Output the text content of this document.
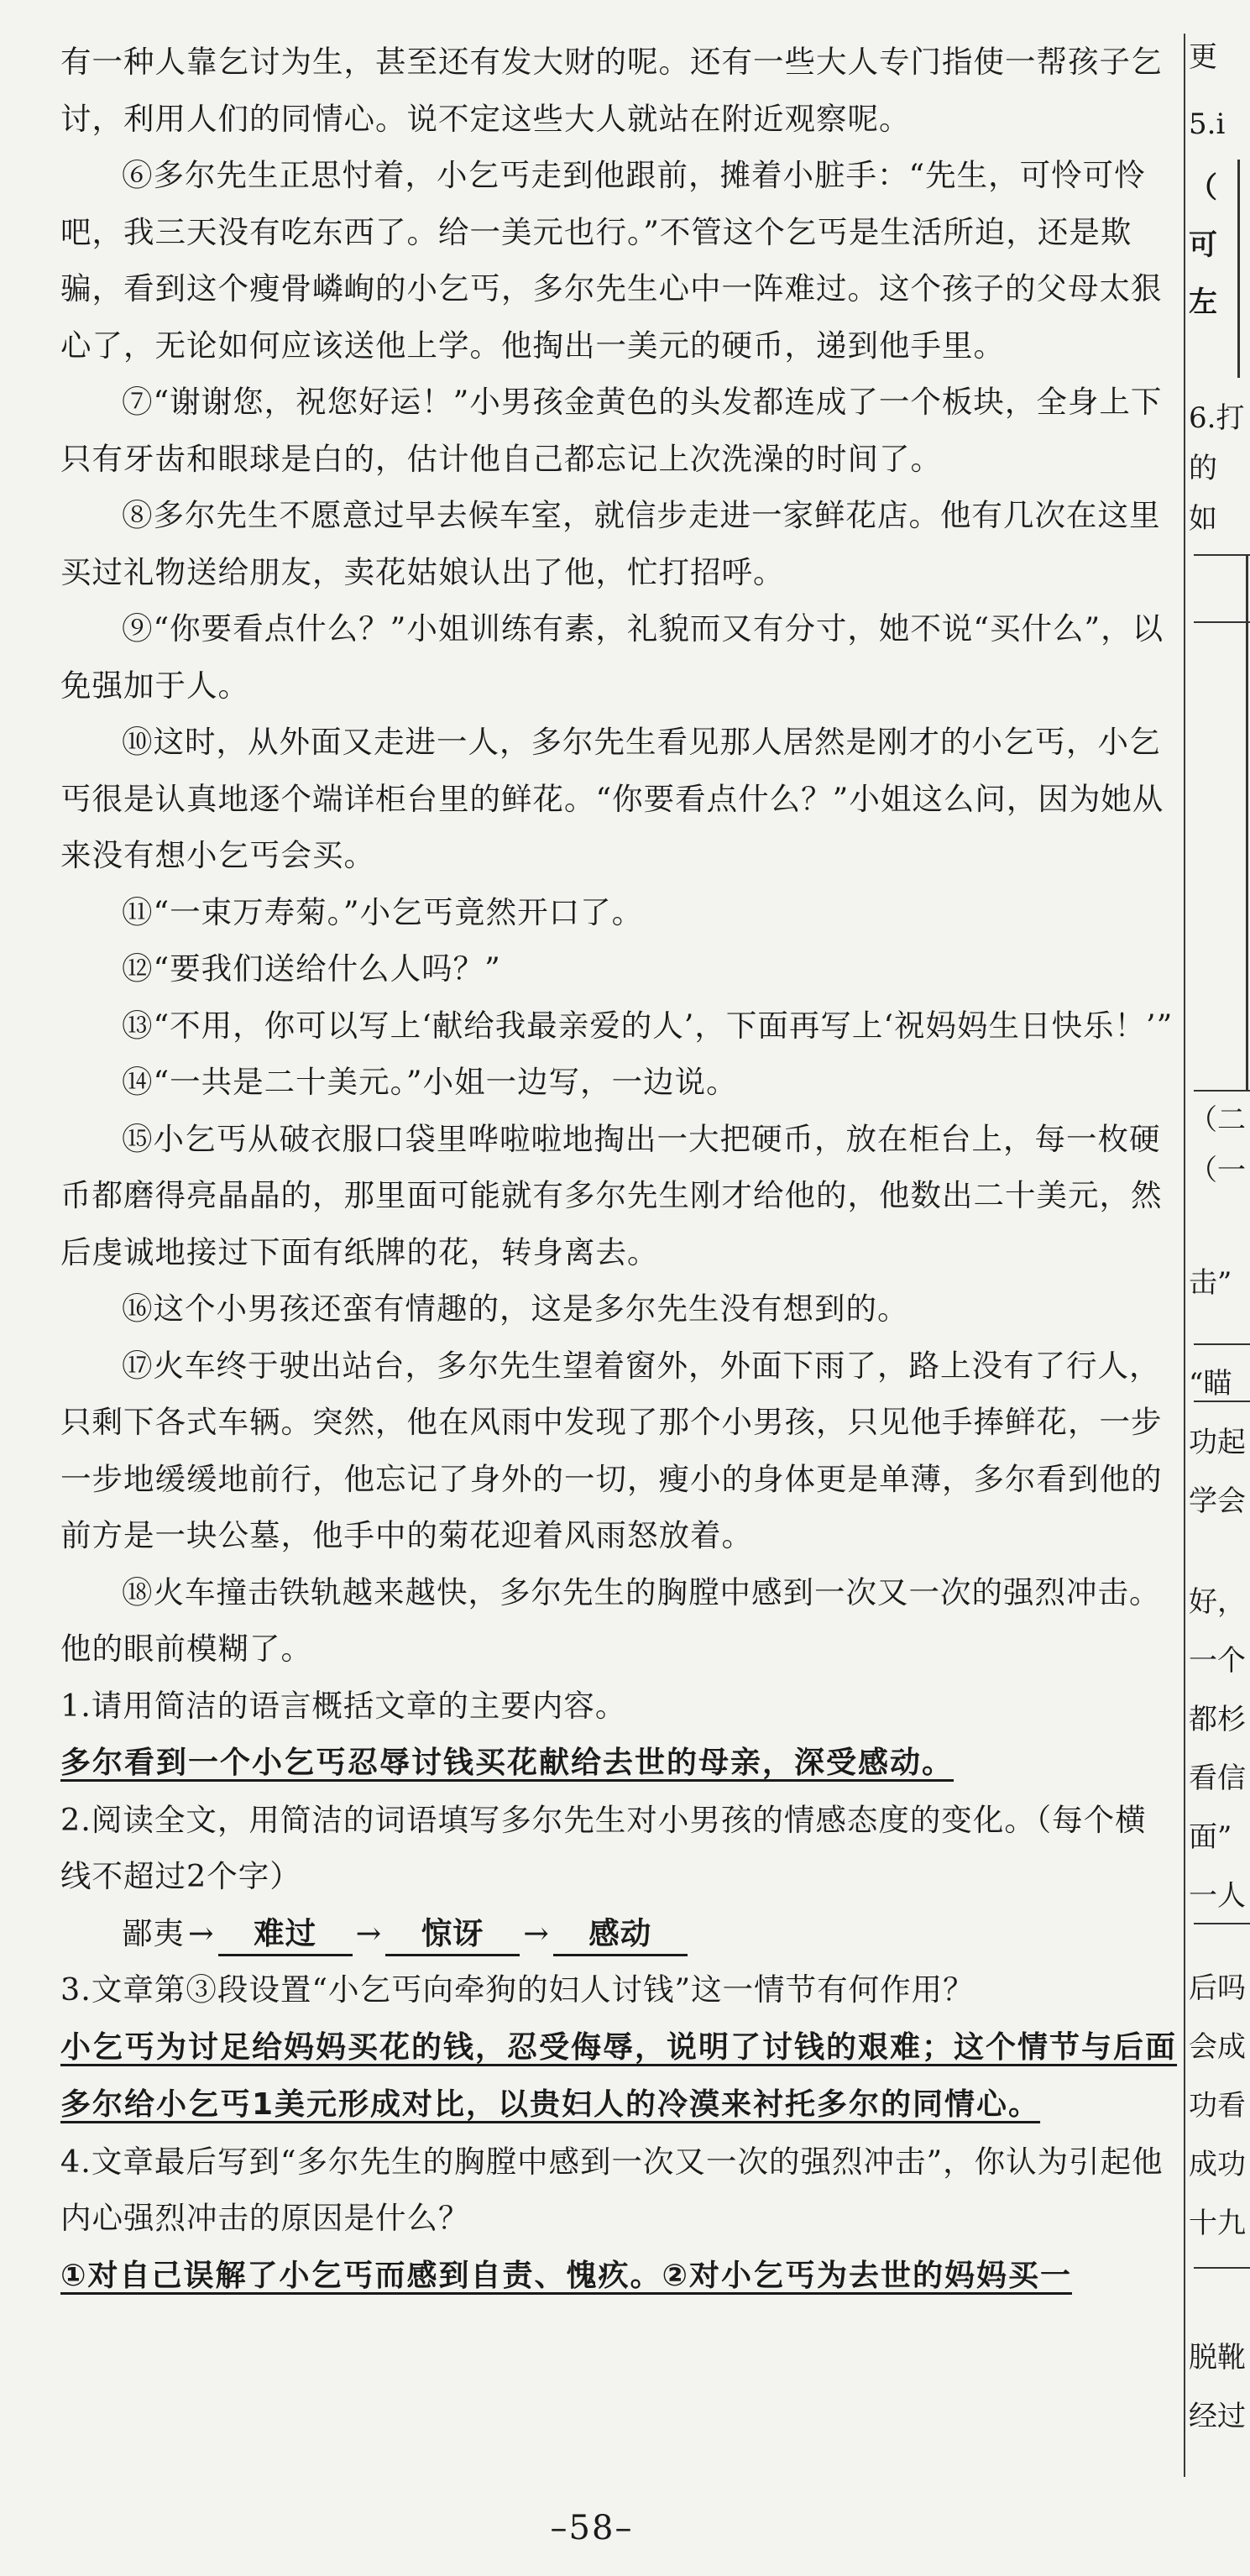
有一种人靠乞讨为生，甚至还有发大财的呢。还有一些大人专门指使一帮孩子乞讨，利用人们的同情心。说不定这些大人就站在附近观察呢。

⑥多尔先生正思忖着，小乞丐走到他跟前，摊着小脏手：“先生，可怜可怜吧，我三天没有吃东西了。给一美元也行。”不管这个乞丐是生活所迫，还是欺骗，看到这个瘦骨嶙峋的小乞丐，多尔先生心中一阵难过。这个孩子的父母太狠心了，无论如何应该送他上学。他掏出一美元的硬币，递到他手里。

⑦“谢谢您，祝您好运！”小男孩金黄色的头发都连成了一个板块，全身上下只有牙齿和眼球是白的，估计他自己都忘记上次洗澡的时间了。

⑧多尔先生不愿意过早去候车室，就信步走进一家鲜花店。他有几次在这里买过礼物送给朋友，卖花姑娘认出了他，忙打招呼。

⑨“你要看点什么？”小姐训练有素，礼貌而又有分寸，她不说“买什么”，以免强加于人。

⑩这时，从外面又走进一人，多尔先生看见那人居然是刚才的小乞丐，小乞丐很是认真地逐个端详柜台里的鲜花。“你要看点什么？”小姐这么问，因为她从来没有想小乞丐会买。

⑪“一束万寿菊。”小乞丐竟然开口了。

⑫“要我们送给什么人吗？”

⑬“不用，你可以写上‘献给我最亲爱的人’，下面再写上‘祝妈妈生日快乐！’”

⑭“一共是二十美元。”小姐一边写，一边说。

⑮小乞丐从破衣服口袋里哗啦啦地掏出一大把硬币，放在柜台上，每一枚硬币都磨得亮晶晶的，那里面可能就有多尔先生刚才给他的，他数出二十美元，然后虔诚地接过下面有纸牌的花，转身离去。

⑯这个小男孩还蛮有情趣的，这是多尔先生没有想到的。

⑰火车终于驶出站台，多尔先生望着窗外，外面下雨了，路上没有了行人，只剩下各式车辆。突然，他在风雨中发现了那个小男孩，只见他手捧鲜花，一步一步地缓缓地前行，他忘记了身外的一切，瘦小的身体更是单薄，多尔看到他的前方是一块公墓，他手中的菊花迎着风雨怒放着。

⑱火车撞击铁轨越来越快，多尔先生的胸膛中感到一次又一次的强烈冲击。他的眼前模糊了。

1.请用简洁的语言概括文章的主要内容。

多尔看到一个小乞丐忍辱讨钱买花献给去世的母亲，深受感动。

2.阅读全文，用简洁的词语填写多尔先生对小男孩的情感态度的变化。（每个横线不超过2个字）

鄙夷 → 难过 → 惊讶 → 感动

3.文章第③段设置“小乞丐向牵狗的妇人讨钱”这一情节有何作用？

小乞丐为讨足给妈妈买花的钱，忍受侮辱，说明了讨钱的艰难；这个情节与后面多尔给小乞丐1美元形成对比，以贵妇人的冷漠来衬托多尔的同情心。

4.文章最后写到“多尔先生的胸膛中感到一次又一次的强烈冲击”，你认为引起他内心强烈冲击的原因是什么？

①对自己误解了小乞丐而感到自责、愧疚。②对小乞丐为去世的妈妈买一

更
5.i
（
可
左
6.打
的
如
（二
（一
击”
“瞄
功起
学会
好，
一个
都杉
看信
面”
一人
后吗
会成
功看
成功
十九
脱靴
经过
–58–
